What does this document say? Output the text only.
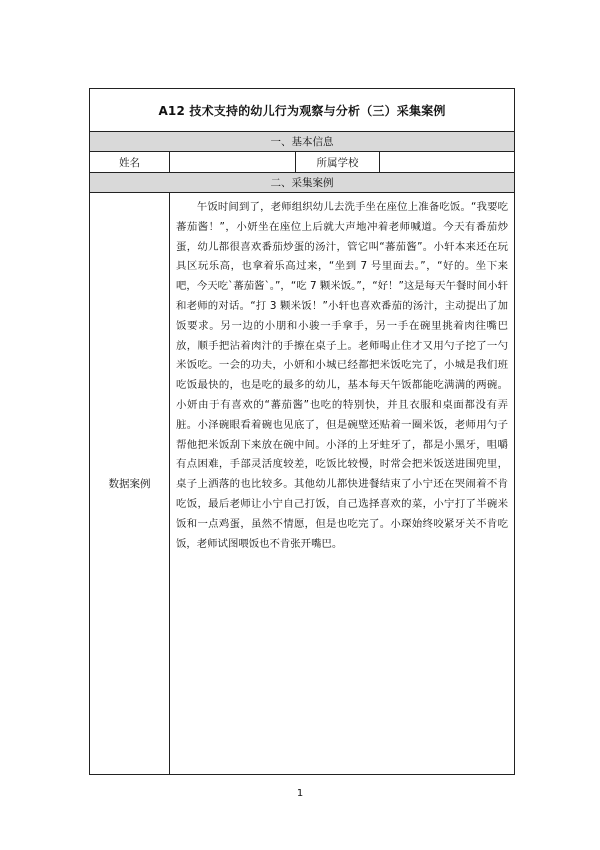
A12 技术支持的幼儿行为观察与分析（三）采集案例			
一、基本信息			
姓名		所属学校	
二、采集案例			
数据案例	午饭时间到了，老师组织幼儿去洗手坐在座位上准备吃饭。“我要吃蕃茄酱！”，小妍坐在座位上后就大声地冲着老师喊道。今天有番茄炒蛋，幼儿都很喜欢番茄炒蛋的汤汁，管它叫“蕃茄酱”。小轩本来还在玩具区玩乐高，也拿着乐高过来，“坐到 7 号里面去。”，“好的。坐下来吧，今天吃`蕃茄酱`。”，“吃 7 颗米饭。”，“好！”这是每天午餐时间小轩和老师的对话。“打 3 颗米饭！”小轩也喜欢番茄的汤汁，主动提出了加饭要求。另一边的小朋和小骏一手拿手，另一手在碗里挑着肉往嘴巴放，顺手把沾着肉汁的手擦在桌子上。老师喝止住才又用勺子挖了一勺米饭吃。一会的功夫，小妍和小城已经都把米饭吃完了，小城是我们班吃饭最快的，也是吃的最多的幼儿，基本每天午饭都能吃满满的两碗。小妍由于有喜欢的“蕃茄酱”也吃的特别快，并且衣服和桌面都没有弄脏。小泽碗眼看着碗也见底了，但是碗壁还贴着一圈米饭，老师用勺子帮他把米饭刮下来放在碗中间。小泽的上牙蛀牙了，都是小黑牙，咀嚼有点困难，手部灵活度较差，吃饭比较慢，时常会把米饭送进围兜里，桌子上洒落的也比较多。其他幼儿都快进餐结束了小宁还在哭闹着不肯吃饭，最后老师让小宁自己打饭，自己选择喜欢的菜，小宁打了半碗米饭和一点鸡蛋，虽然不情愿，但是也吃完了。小琛始终咬紧牙关不肯吃饭，老师试图喂饭也不肯张开嘴巴。		

1
